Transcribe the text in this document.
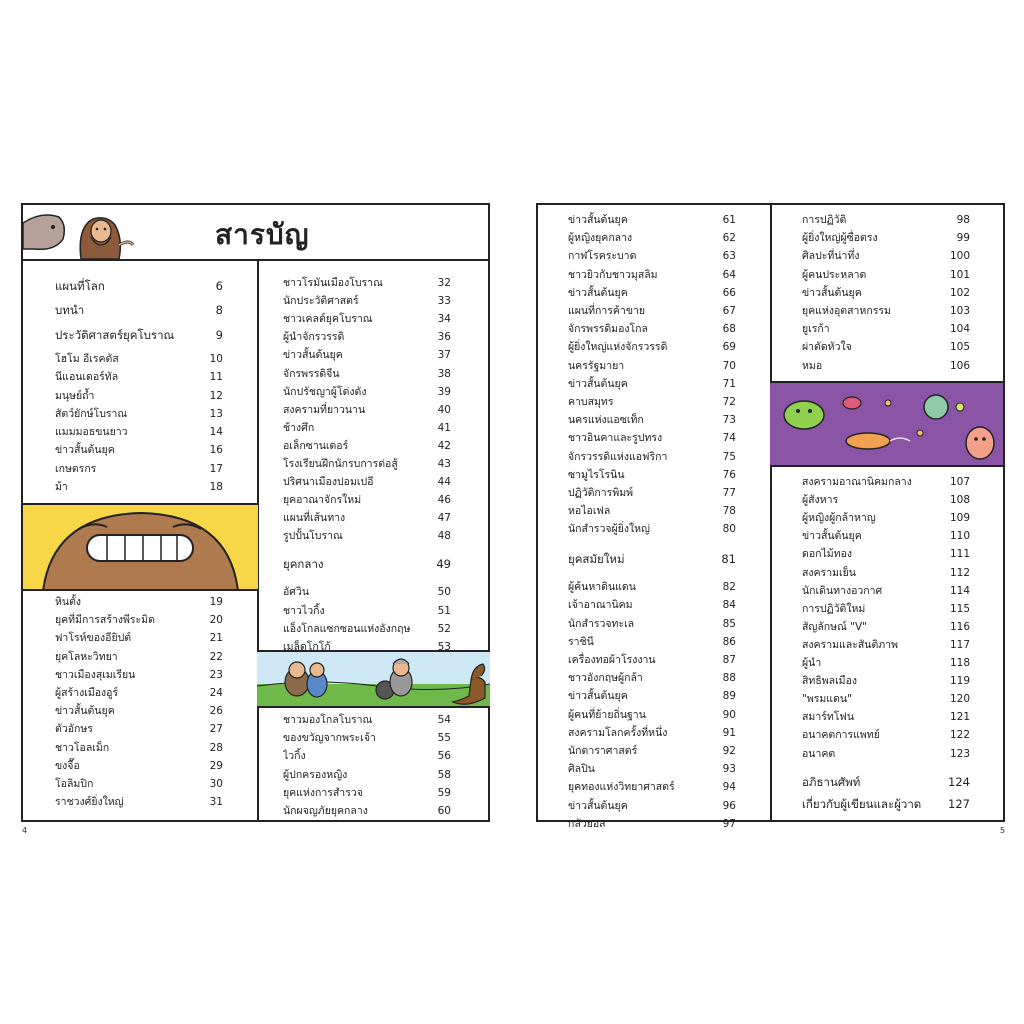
สารบัญ
แผนที่โลก	6
บทนำ	8
ประวัติศาสตร์ยุคโบราณ	9
โฮโม อีเรคตัส	10
นีแอนเดอร์ทัล	11
มนุษย์ถ้ำ	12
สัตว์ยักษ์โบราณ	13
แมมมอธขนยาว	14
ข่าวสั้นต้นยุค	16
เกษตรกร	17
ม้า	18
หินตั้ง	19
ยุคที่มีการสร้างพีระมิด	20
ฟาโรห์ของอียิปต์	21
ยุคโลหะวิทยา	22
ชาวเมืองสุเมเรียน	23
ผู้สร้างเมืองอูร์	24
ข่าวสั้นต้นยุค	26
ตัวอักษร	27
ชาวโอลเม็ก	28
ขงจื๊อ	29
โอลิมปิก	30
ราชวงศ์ยิ่งใหญ่	31
ชาวโรมันเมืองโบราณ	32
นักประวัติศาสตร์	33
ชาวเคลต์ยุคโบราณ	34
ผู้นำจักรวรรดิ	36
ข่าวสั้นต้นยุค	37
จักรพรรดิจีน	38
นักปรัชญาผู้โด่งดัง	39
สงครามที่ยาวนาน	40
ช้างศึก	41
อเล็กซานเดอร์	42
โรงเรียนฝึกนักรบการต่อสู้	43
ปริศนาเมืองปอมเปอี	44
ยุคอาณาจักรใหม่	46
แผนที่เส้นทาง	47
รูปปั้นโบราณ	48
ยุคกลาง	49
อัศวิน	50
ชาวไวกิ้ง	51
แอ็งโกลแซกซอนแห่งอังกฤษ	52
เมล็ดโกโก้	53
ชาวมองโกลโบราณ	54
ของขวัญจากพระเจ้า	55
ไวกิ้ง	56
ผู้ปกครองหญิง	58
ยุคแห่งการสำรวจ	59
นักผจญภัยยุคกลาง	60
ข่าวสั้นต้นยุค	61
ผู้หญิงยุคกลาง	62
กาฬโรคระบาด	63
ชาวยิวกับชาวมุสลิม	64
ข่าวสั้นต้นยุค	66
แผนที่การค้าขาย	67
จักรพรรดิมองโกล	68
ผู้ยิ่งใหญ่แห่งจักรวรรดิ	69
นครรัฐมายา	70
ข่าวสั้นต้นยุค	71
คาบสมุทร	72
นครแห่งแอซเท็ก	73
ชาวอินคาและรูปทรง	74
จักรวรรดิแห่งแอฟริกา	75
ซามูไรโรนิน	76
ปฏิวัติการพิมพ์	77
หอไอเฟล	78
นักสำรวจผู้ยิ่งใหญ่	80
ยุคสมัยใหม่	81
ผู้ค้นหาดินแดน	82
เจ้าอาณานิคม	84
นักสำรวจทะเล	85
ราชินี	86
เครื่องทอผ้าโรงงาน	87
ชาวอังกฤษผู้กล้า	88
ข่าวสั้นต้นยุค	89
ผู้คนที่ย้ายถิ่นฐาน	90
สงครามโลกครั้งที่หนึ่ง	91
นักดาราศาสตร์	92
ศิลปิน	93
ยุคทองแห่งวิทยาศาสตร์	94
ข่าวสั้นต้นยุค	96
กลัวยอส	97
การปฏิวัติ	98
ผู้ยิ่งใหญ่ผู้ซื่อตรง	99
ศิลปะที่น่าทึ่ง	100
ผู้คนประหลาด	101
ข่าวสั้นต้นยุค	102
ยุคแห่งอุตสาหกรรม	103
ยูเรก้า	104
ผ่าตัดหัวใจ	105
หมอ	106
สงครามอาณานิคมกลาง	107
ผู้สังหาร	108
ผู้หญิงผู้กล้าหาญ	109
ข่าวสั้นต้นยุค	110
ดอกไม้ทอง	111
สงครามเย็น	112
นักเดินทางอวกาศ	114
การปฏิวัติใหม่	115
สัญลักษณ์ "V"	116
สงครามและสันติภาพ	117
ผู้นำ	118
สิทธิพลเมือง	119
"พรมแดน"	120
สมาร์ทโฟน	121
อนาคตการแพทย์	122
อนาคต	123
อภิธานศัพท์	124
เกี่ยวกับผู้เขียนและผู้วาด 127
4	5
